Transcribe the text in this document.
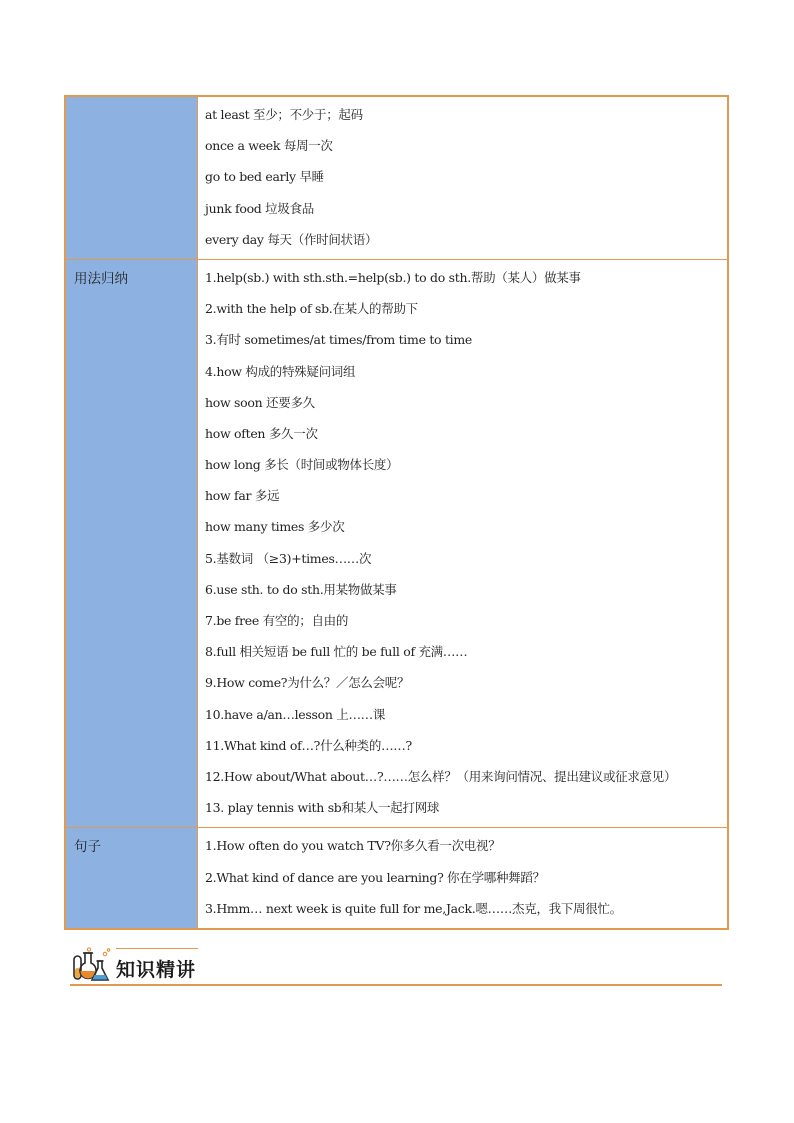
at least 至少；不少于；起码
once a week 每周一次
go to bed early 早睡
junk food 垃圾食品
every day 每天（作时间状语）
用法归纳	1.help(sb.) with sth.sth.=help(sb.) to do sth.帮助（某人）做某事
2.with the help of sb.在某人的帮助下
3.有时 sometimes/at times/from time to time
4.how 构成的特殊疑问词组
how soon 还要多久
how often 多久一次
how long 多长（时间或物体长度）
how far 多远
how many times 多少次
5.基数词 （≥3)+times……次
6.use sth. to do sth.用某物做某事
7.be free 有空的；自由的
8.full 相关短语 be full 忙的 be full of 充满……
9.How come?为什么？／怎么会呢？
10.have a/an…lesson 上……课
11.What kind of…?什么种类的……?
12.How about/What about…?……怎么样？（用来询问情况、提出建议或征求意见）
13. play tennis with sb和某人一起打网球
句子	1.How often do you watch TV?你多久看一次电视？
2.What kind of dance are you learning? 你在学哪种舞蹈？
3.Hmm… next week is quite full for me,Jack.嗯……杰克，我下周很忙。
知识精讲
